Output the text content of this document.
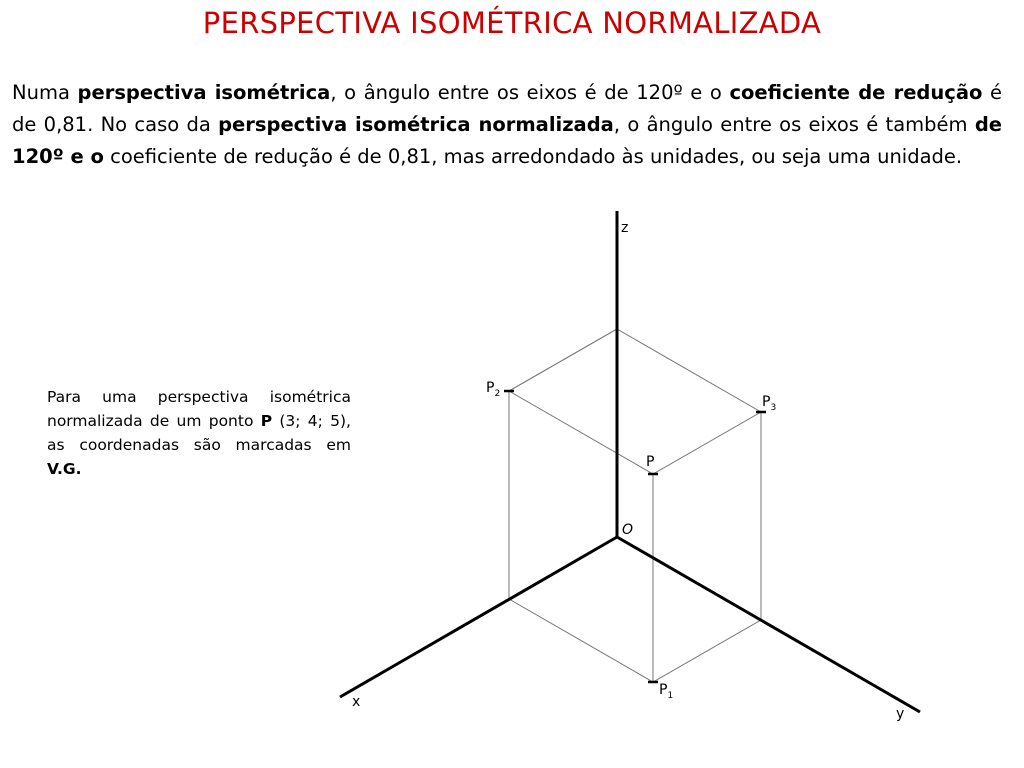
PERSPECTIVA ISOMÉTRICA NORMALIZADA
Numa perspectiva isométrica, o ângulo entre os eixos é de 120º e o coeficiente de redução é de 0,81. No caso da perspectiva isométrica normalizada, o ângulo entre os eixos é também de 120º e o coeficiente de redução é de 0,81, mas arredondado às unidades, ou seja uma unidade.
Para uma perspectiva isométrica normalizada de um ponto P (3; 4; 5), as coordenadas são marcadas em V.G.
z
x
y
O
P
$P_1$
$P_2$	$P_3$
